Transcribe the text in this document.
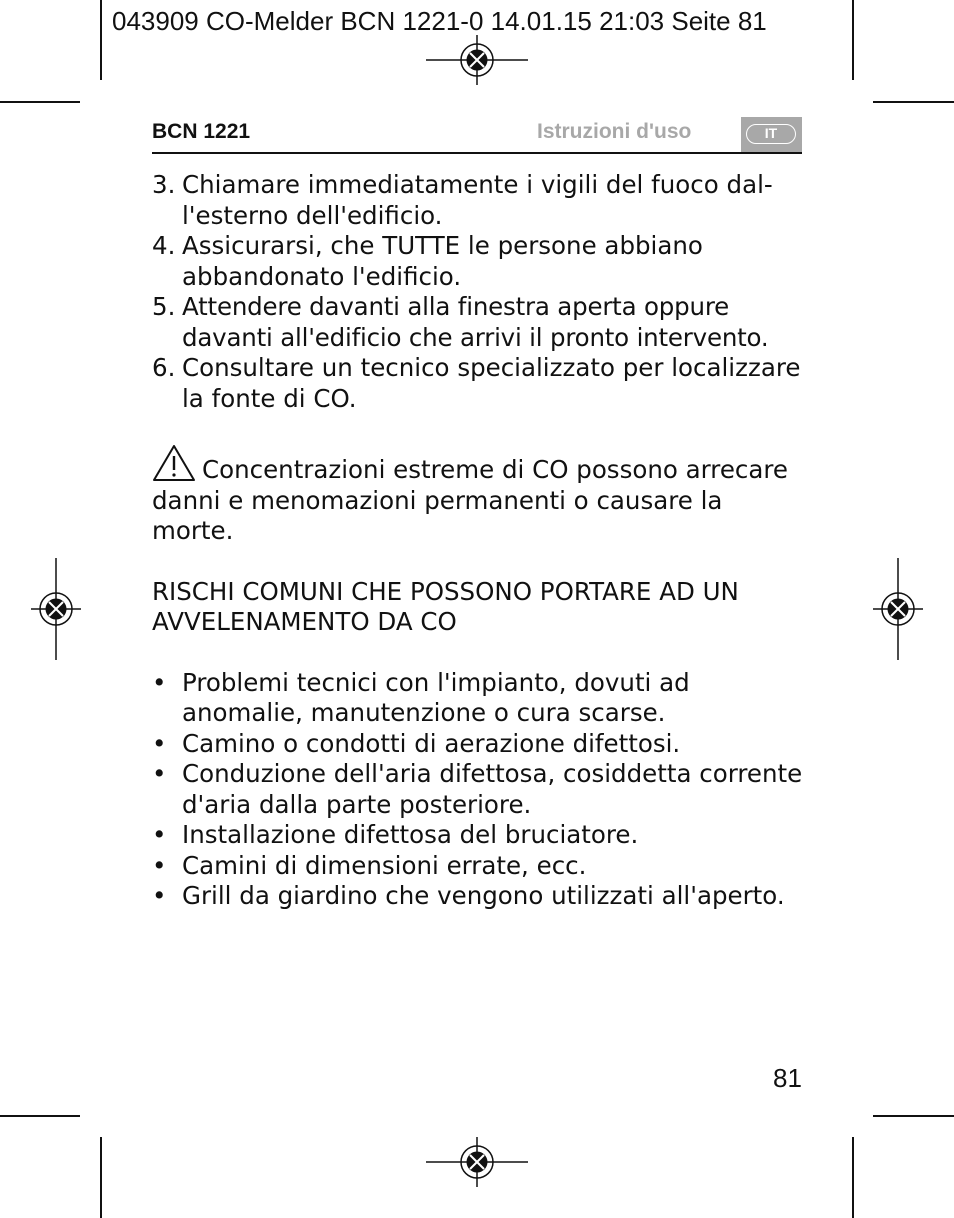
043909 CO-Melder BCN 1221-0 14.01.15 21:03 Seite 81
BCN 1221	Istruzioni d'uso	IT
3. Chiamare immediatamente i vigili del fuoco dal-
l'esterno dell'edificio.
4. Assicurarsi, che TUTTE le persone abbiano abbandonato l'edificio.
5. Attendere davanti alla finestra aperta oppure davanti all'edificio che arrivi il pronto intervento.
6. Consultare un tecnico specializzato per localizzare la fonte di CO.
Concentrazioni estreme di CO possono arrecare danni e menomazioni permanenti o causare la morte.
RISCHI COMUNI CHE POSSONO PORTARE AD UN AVVELENAMENTO DA CO
• Problemi tecnici con l'impianto, dovuti ad anomalie, manutenzione o cura scarse.
• Camino o condotti di aerazione difettosi.
• Conduzione dell'aria difettosa, cosiddetta corrente d'aria dalla parte posteriore.
• Installazione difettosa del bruciatore.
• Camini di dimensioni errate, ecc.
• Grill da giardino che vengono utilizzati all'aperto.
81
